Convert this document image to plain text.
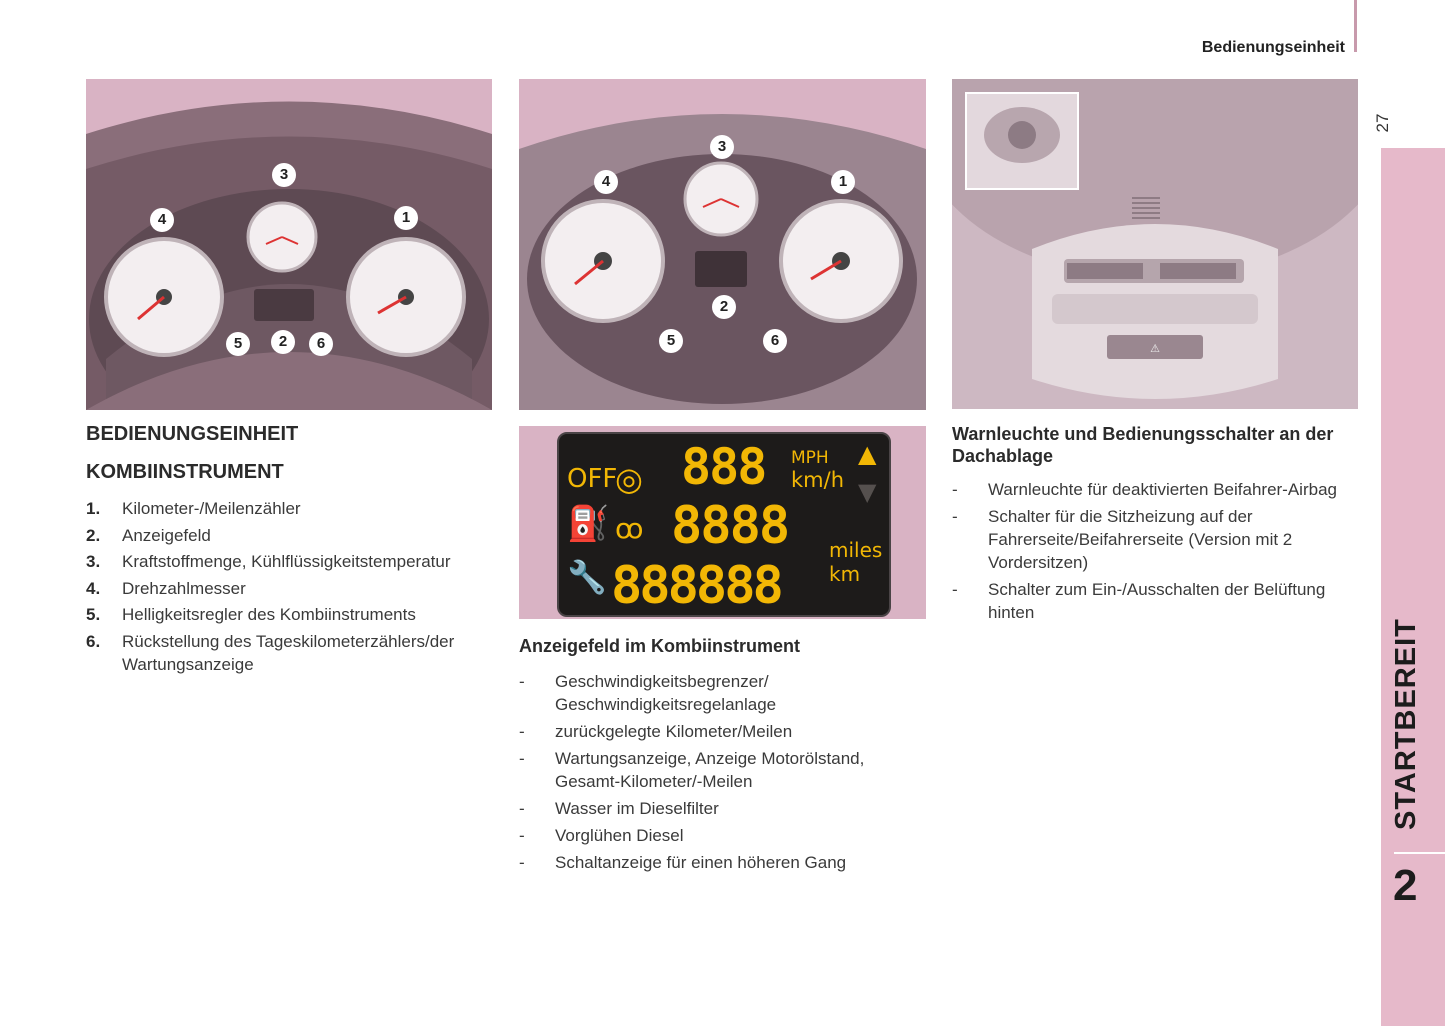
Bedienungseinheit
27
STARTBEREIT
2
3
4	1
5	2	6
3
4	1
2
5	6	⚠
OFF
◎ 888 MPH
km/h
▲
▼
⛽ ꝏ 8888 miles
🔧 888888 km
BEDIENUNGSEINHEIT
KOMBIINSTRUMENT
1. Kilometer-/Meilenzähler
2. Anzeigefeld
3. Kraftstoffmenge, Kühlflüssigkeitstemperatur
4. Drehzahlmesser
5. Helligkeitsregler des Kombiinstruments
6. Rückstellung des Tageskilometerzählers/der Wartungsanzeige
Anzeigefeld im Kombiinstrument
- Geschwindigkeitsbegrenzer/ Geschwindigkeitsregelanlage
- zurückgelegte Kilometer/Meilen
- Wartungsanzeige, Anzeige Motorölstand, Gesamt-Kilometer/-Meilen
- Wasser im Dieselfilter
- Vorglühen Diesel
- Schaltanzeige für einen höheren Gang
Warnleuchte und Bedienungsschalter an der Dachablage
- Warnleuchte für deaktivierten Beifahrer-Airbag
- Schalter für die Sitzheizung auf der Fahrerseite/Beifahrerseite (Version mit 2 Vordersitzen)
- Schalter zum Ein-/Ausschalten der Belüftung hinten
